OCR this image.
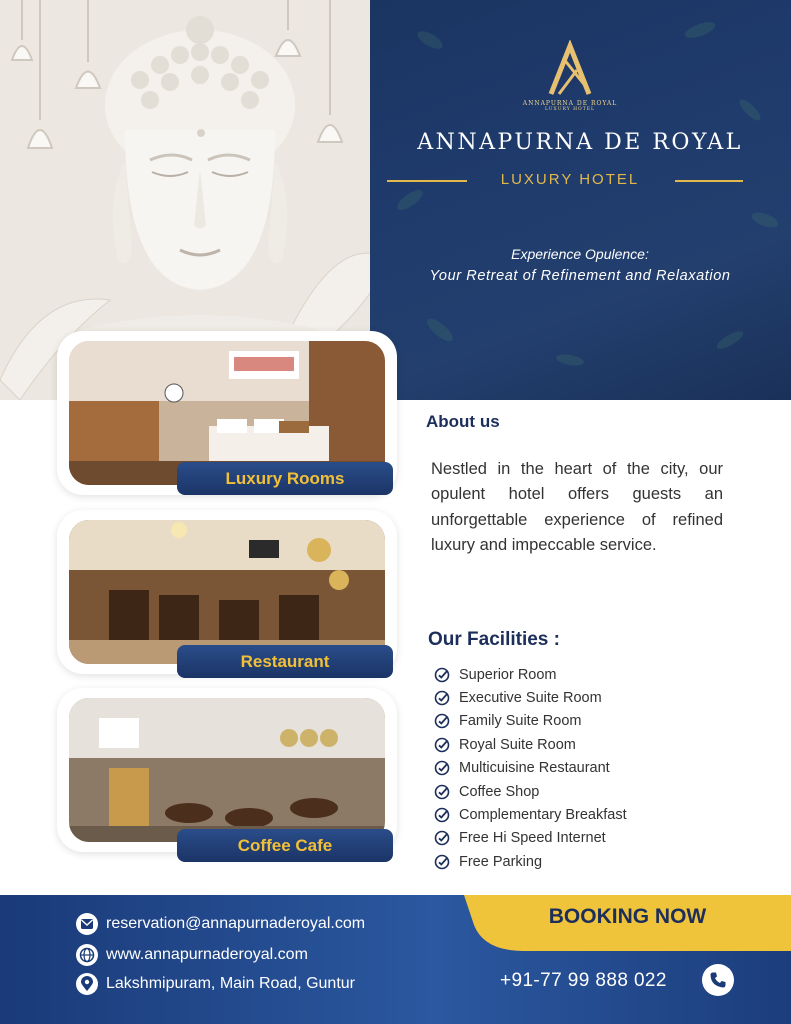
ANNAPURNA DE ROYAL
LUXURY HOTEL
ANNAPURNA DE ROYAL
LUXURY HOTEL
Experience Opulence:
Your Retreat of Refinement and Relaxation
Luxury Rooms
Restaurant
Coffee Cafe
About us

Nestled in the heart of the city, our opulent hotel offers guests an unforgettable experience of refined luxury and impeccable service.

Our Facilities :
Superior Room
Executive Suite Room
Family Suite Room
Royal Suite Room
Multicuisine Restaurant
Coffee Shop
Complementary Breakfast
Free Hi Speed Internet
Free Parking
reservation@annapurnaderoyal.com
www.annapurnaderoyal.com
Lakshmipuram, Main Road, Guntur
BOOKING NOW
+91-77 99 888 022
